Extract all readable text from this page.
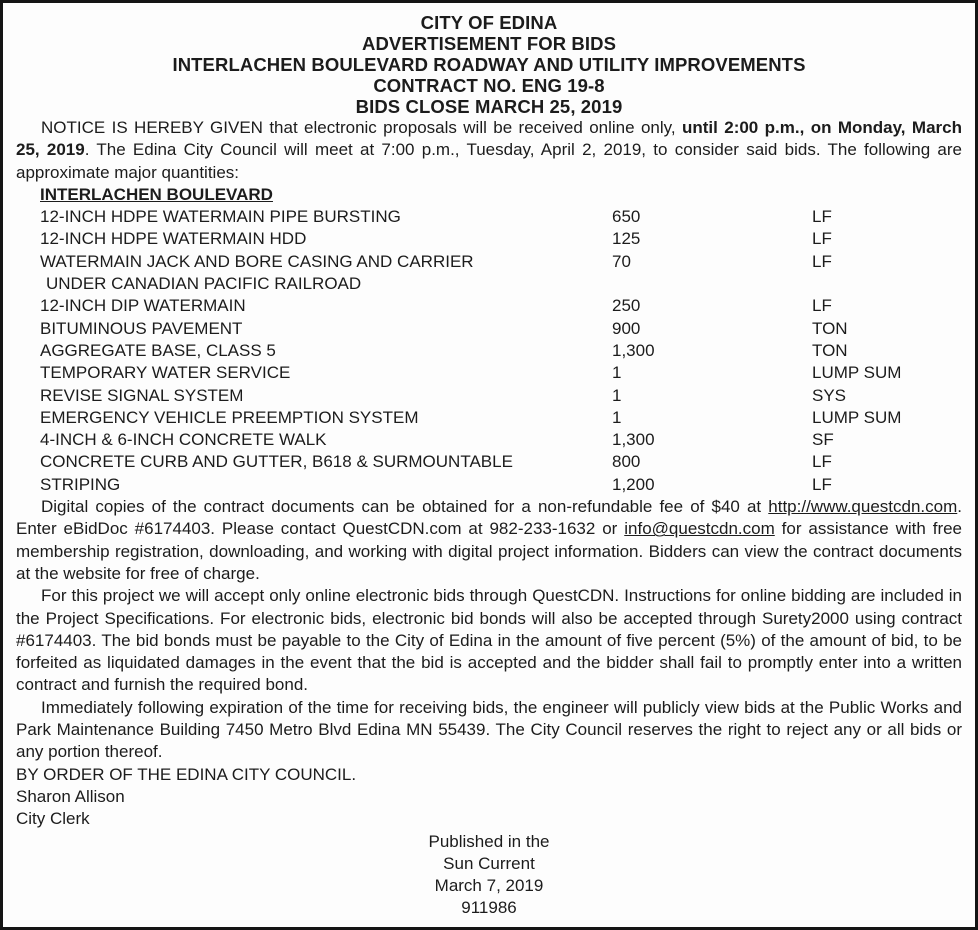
CITY OF EDINA
ADVERTISEMENT FOR BIDS
INTERLACHEN BOULEVARD ROADWAY AND UTILITY IMPROVEMENTS
CONTRACT NO. ENG 19-8
BIDS CLOSE MARCH 25, 2019

NOTICE IS HEREBY GIVEN that electronic proposals will be received online only, until 2:00 p.m., on Monday, March 25, 2019. The Edina City Council will meet at 7:00 p.m., Tuesday, April 2, 2019, to consider said bids. The following are approximate major quantities:

INTERLACHEN BOULEVARD
12-INCH HDPE WATERMAIN PIPE BURSTING	650	LF
12-INCH HDPE WATERMAIN HDD	125	LF
WATERMAIN JACK AND BORE CASING AND CARRIER	70	LF
UNDER CANADIAN PACIFIC RAILROAD
12-INCH DIP WATERMAIN	250	LF
BITUMINOUS PAVEMENT	900	TON
AGGREGATE BASE, CLASS 5	1,300	TON
TEMPORARY WATER SERVICE	1	LUMP SUM
REVISE SIGNAL SYSTEM	1	SYS
EMERGENCY VEHICLE PREEMPTION SYSTEM	1	LUMP SUM
4-INCH & 6-INCH CONCRETE WALK	1,300	SF
CONCRETE CURB AND GUTTER, B618 & SURMOUNTABLE	800	LF
STRIPING	1,200	LF

Digital copies of the contract documents can be obtained for a non-refundable fee of $40 at http://www.questcdn.com. Enter eBidDoc #6174403. Please contact QuestCDN.com at 982-233-1632 or info@questcdn.com for assistance with free membership registration, downloading, and working with digital project information. Bidders can view the contract documents at the website for free of charge.

For this project we will accept only online electronic bids through QuestCDN. Instructions for online bidding are included in the Project Specifications. For electronic bids, electronic bid bonds will also be accepted through Surety2000 using contract #6174403. The bid bonds must be payable to the City of Edina in the amount of five percent (5%) of the amount of bid, to be forfeited as liquidated damages in the event that the bid is accepted and the bidder shall fail to promptly enter into a written contract and furnish the required bond.

Immediately following expiration of the time for receiving bids, the engineer will publicly view bids at the Public Works and Park Maintenance Building 7450 Metro Blvd Edina MN 55439. The City Council reserves the right to reject any or all bids or any portion thereof.

BY ORDER OF THE EDINA CITY COUNCIL.
Sharon Allison
City Clerk
Published in the
Sun Current
March 7, 2019
911986
